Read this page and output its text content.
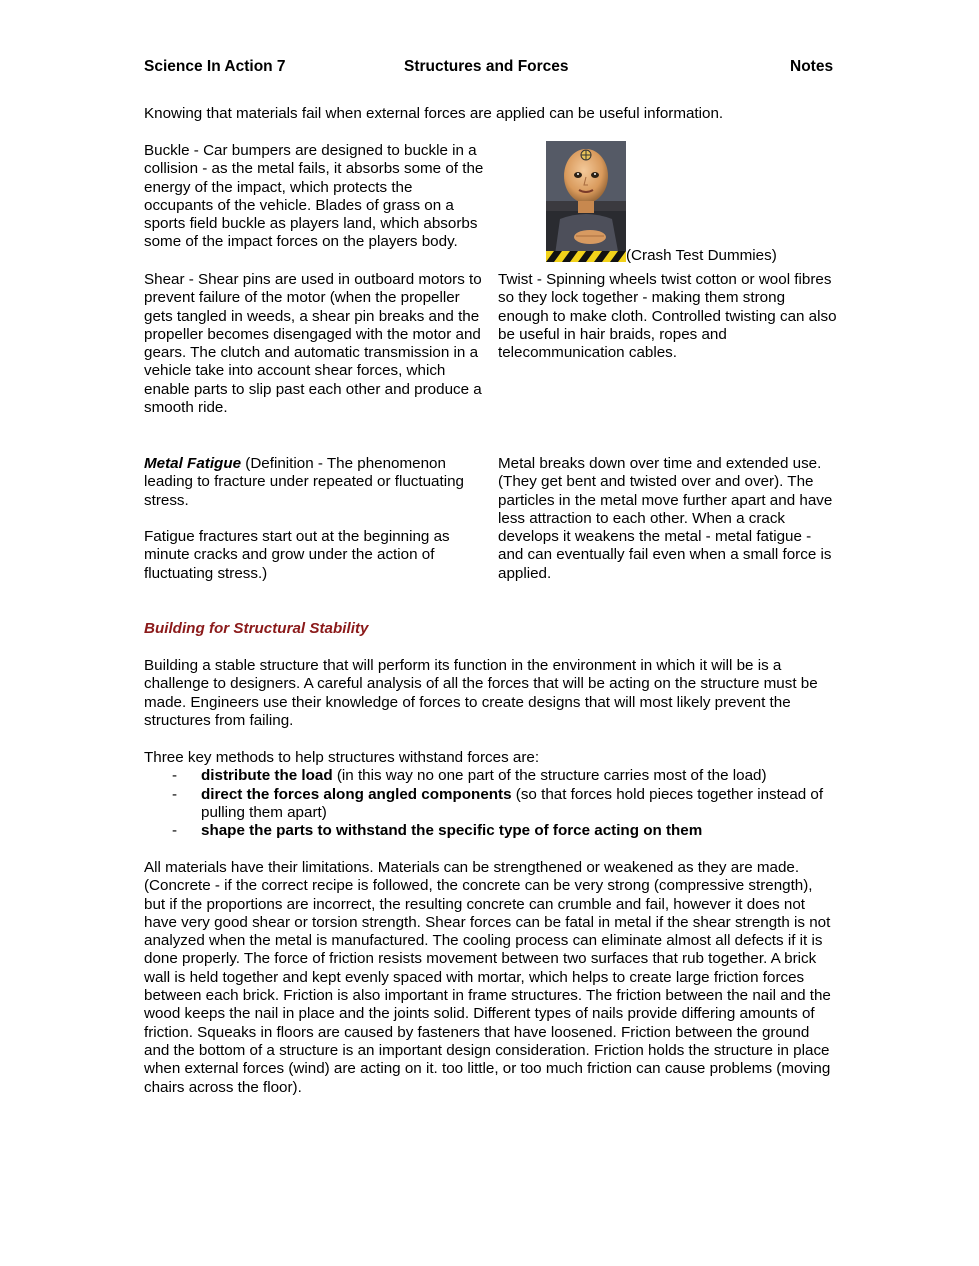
Science In Action 7	Structures and Forces	Notes

Knowing that materials fail when external forces are applied can be useful information.

Buckle - Car bumpers are designed to buckle in a collision - as the metal fails, it absorbs some of the energy of the impact, which protects the occupants of the vehicle. Blades of grass on a sports field buckle as players land, which absorbs some of the impact forces on the players body.

(Crash Test Dummies)

Shear - Shear pins are used in outboard motors to prevent failure of the motor (when the propeller gets tangled in weeds, a shear pin breaks and the propeller becomes disengaged with the motor and gears. The clutch and automatic transmission in a vehicle take into account shear forces, which enable parts to slip past each other and produce a smooth ride.

Twist - Spinning wheels twist cotton or wool fibres so they lock together - making them strong enough to make cloth. Controlled twisting can also be useful in hair braids, ropes and telecommunication cables.

Metal Fatigue (Definition - The phenomenon leading to fracture under repeated or fluctuating stress.

Fatigue fractures start out at the beginning as minute cracks and grow under the action of fluctuating stress.)

Metal breaks down over time and extended use. (They get bent and twisted over and over). The particles in the metal move further apart and have less attraction to each other. When a crack develops it weakens the metal - metal fatigue - and can eventually fail even when a small force is applied.

Building for Structural Stability

Building a stable structure that will perform its function in the environment in which it will be is a challenge to designers. A careful analysis of all the forces that will be acting on the structure must be made. Engineers use their knowledge of forces to create designs that will most likely prevent the structures from failing.

Three key methods to help structures withstand forces are:

- distribute the load (in this way no one part of the structure carries most of the load)
- direct the forces along angled components (so that forces hold pieces together instead of pulling them apart)
- shape the parts to withstand the specific type of force acting on them

All materials have their limitations. Materials can be strengthened or weakened as they are made. (Concrete - if the correct recipe is followed, the concrete can be very strong (compressive strength), but if the proportions are incorrect, the resulting concrete can crumble and fail, however it does not have very good shear or torsion strength. Shear forces can be fatal in metal if the shear strength is not analyzed when the metal is manufactured. The cooling process can eliminate almost all defects if it is done properly. The force of friction resists movement between two surfaces that rub together. A brick wall is held together and kept evenly spaced with mortar, which helps to create large friction forces between each brick. Friction is also important in frame structures. The friction between the nail and the wood keeps the nail in place and the joints solid. Different types of nails provide differing amounts of friction. Squeaks in floors are caused by fasteners that have loosened. Friction between the ground and the bottom of a structure is an important design consideration. Friction holds the structure in place when external forces (wind) are acting on it. too little, or too much friction can cause problems (moving chairs across the floor).
